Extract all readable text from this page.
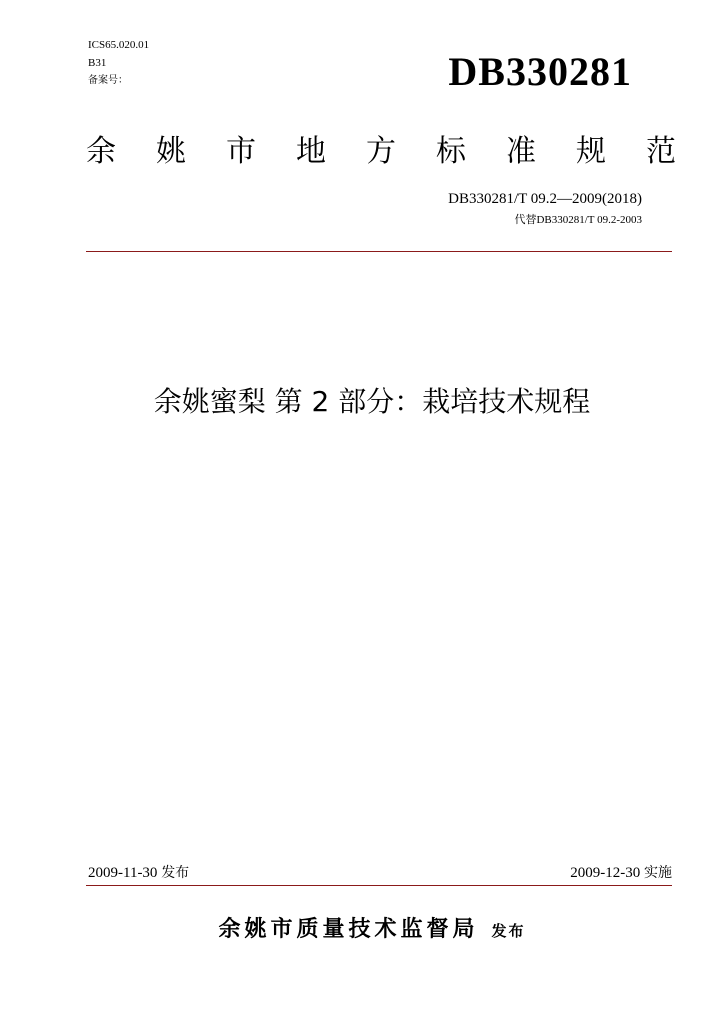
ICS65.020.01
B31
备案号：	DB330281
余 姚 市 地 方 标 准 规 范
DB330281/T 09.2—2009(2018)
代替DB330281/T 09.2-2003
余姚蜜梨 第 2 部分：栽培技术规程
2009-11-30 发布	2009-12-30 实施
余姚市质量技术监督局 发布
